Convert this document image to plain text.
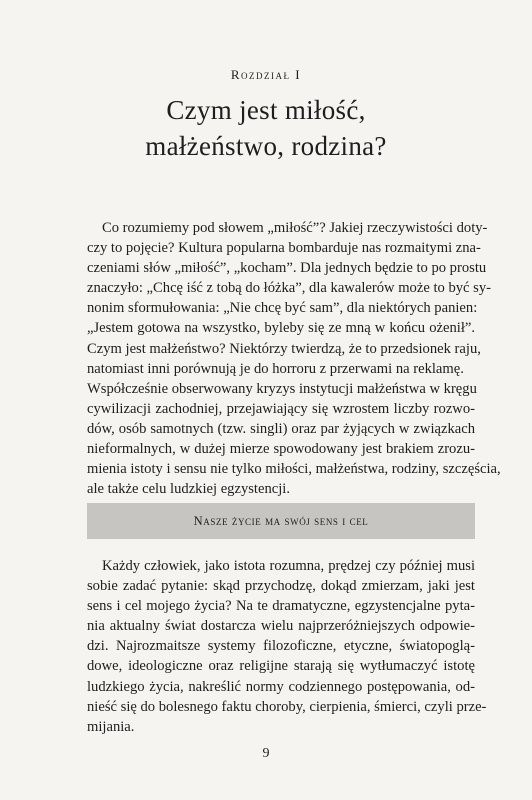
Rozdział I
Czym jest miłość,
małżeństwo, rodzina?
Co rozumiemy pod słowem „miłość”? Jakiej rzeczywistości doty-
czy to pojęcie? Kultura popularna bombarduje nas rozmaitymi zna-
czeniami słów „miłość”, „kocham”. Dla jednych będzie to po prostu
znaczyło: „Chcę iść z tobą do łóżka”, dla kawalerów może to być sy-
nonim sformułowania: „Nie chcę być sam”, dla niektórych panien:
„Jestem gotowa na wszystko, byleby się ze mną w końcu ożenił”.
Czym jest małżeństwo? Niektórzy twierdzą, że to przedsionek raju,
natomiast inni porównują je do horroru z przerwami na reklamę.
Współcześnie obserwowany kryzys instytucji małżeństwa w kręgu
cywilizacji zachodniej, przejawiający się wzrostem liczby rozwo-
dów, osób samotnych (tzw. singli) oraz par żyjących w związkach
nieformalnych, w dużej mierze spowodowany jest brakiem zrozu-
mienia istoty i sensu nie tylko miłości, małżeństwa, rodziny, szczęścia,
ale także celu ludzkiej egzystencji.
Nasze życie ma swój sens i cel
Każdy człowiek, jako istota rozumna, prędzej czy później musi
sobie zadać pytanie: skąd przychodzę, dokąd zmierzam, jaki jest
sens i cel mojego życia? Na te dramatyczne, egzystencjalne pyta-
nia aktualny świat dostarcza wielu najprzeróżniejszych odpowie-
dzi. Najrozmaitsze systemy filozoficzne, etyczne, światopoglą-
dowe, ideologiczne oraz religijne starają się wytłumaczyć istotę
ludzkiego życia, nakreślić normy codziennego postępowania, od-
nieść się do bolesnego faktu choroby, cierpienia, śmierci, czyli prze-
mijania.
9
